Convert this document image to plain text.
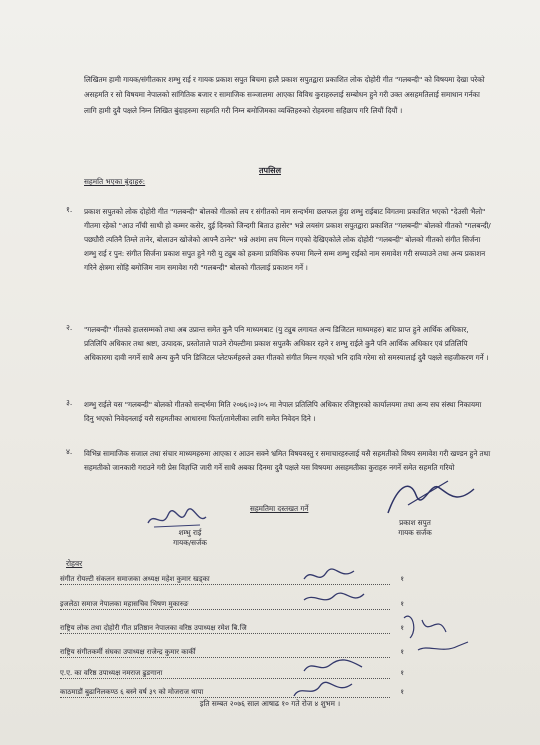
लिखितम हामी गायक/संगीतकार शम्भु राई र गायक प्रकाश सपुत बिचमा हालै प्रकाश सपुतद्वारा प्रकाशित लोक दोहोरी गीत "गलबन्दी" को विषयमा देखा परेको असहमति र सो विषयमा नेपालको सांगितिक बजार र सामाजिक सञ्जालमा आएका विविध कुराहरुलाई सम्बोधन हुने गरी उक्त असहमतिलाई समाधान गर्नका लागि हामी दुवै पक्षले निम्न लिखित बुंदाहरुमा सहमति गरी निम्न बमोजिमका व्यक्तिहरुको रोहवरमा सहिछाप गरि लियौं दियौं ।
तपसिल
सहमति भएका बुंदाहरु:
१. प्रकाश सपुतको लोक दोहोरी गीत "गलबन्दी" बोलको गीतको लय र संगीतको नाम सन्दर्भमा छलफल हुंदा शम्भु राईबाट विगतमा प्रकाशित भएको "देउसी भैलो" गीतमा रहेको "आउ नाँची साथी हो कम्मर कसेर, दुई दिनको जिन्दगी बिताउ हासेर" भन्ने लयसंग प्रकाश सपुतद्वारा प्रकाशित "गलबन्दी" बोलको गीतको "गलबन्दी/पछ्यौरी त्यतिनै तिम्ले तानेर, बोलाउन खोजेको आफ्नै ठानेर" भन्ने अशंमा लय मिल्न गएको देखिएकोले लोक दोहोरी "गलबन्दी" बोलको गीतको संगीत सिर्जना शम्भु राई र पुन: संगीत सिर्जना प्रकाश सपुत हुने गरी यु ट्युब को हकमा प्राविधिक रुपमा मिल्ने सम्म शम्भु राईको नाम समावेश गरी सच्याउने तथा अन्य प्रकाशन गरिने क्षेत्रमा सोहि बमोजिम नाम समावेश गरी "गलबन्दी" बोलको गीतलाई प्रकाशन गर्ने ।
२. "गलबन्दी" गीतको हालसम्मको तथा अब उप्रान्त समेत कुनै पनि माध्यमबाट (यु ट्युब लगायत अन्य डिजिटल माध्यमहरु) बाट प्राप्त हुने आर्थिक अधिकार, प्रतिलिपि अधिकार तथा श्रष्टा, उत्पादक, प्रस्तोताले पाउने रोयल्टीमा प्रकाश सपुतकै अधिकार रहने र शम्भु राईले कुनै पनि आर्थिक अधिकार एवं प्रतिलिपि अधिकारमा दावी नगर्ने साथै अन्य कुनै पनि डिजिटल प्लेटफर्महरुले उक्त गीतको संगीत मिल्न गएको भनि दावि गरेमा सो समस्यालाई दुवै पक्षले सहजीकरण गर्ने ।
३. शम्भु राईले यस "गलबन्दी" बोलको गीतको सन्दर्भमा मिति २०७६।०३।०५ मा नेपाल प्रतिलिपि अधिकार रजिष्ट्रारको कार्यालयमा तथा अन्य सघ संस्था निकायमा दिनु भएको निवेदनलाई यसै सहमतीका आधारमा फिर्ता/तामेलीका लागि समेत निवेदन दिने ।
४. विभिन्न सामाजिक सजाल तथा संचार माध्यमहरुमा आएका र आउन सक्ने भ्रमित विषयवस्तु र समाचारहरुलाई यसै सहमतीको विषय समावेश गरी खण्डन हुने तथा सहमतीको जानकारी गराउने गरी प्रेस विज्ञप्ति जारी गर्ने साथै अबका दिनमा दुवै पक्षले यस विषयमा असहमतीका कुराहरु नगर्ने समेत सहमति गरियो
सहमतिमा दस्तखत गर्ने
शम्भु राई
गायक/सर्जक
प्रकाश सपुत
गायक सर्जक
रोहवर
संगीत रोयल्टी संकलन समाजका अध्यक्ष महेश कुमार खड्का	१
इजलेठा समाज नेपालका महासचिव भिषण मुकारुङ	१
राष्ट्रिय लोक तथा दोहोरी गीत प्रतिष्ठान नेपालका वरिष्ठ उपाध्यक्ष रमेश बि.जि	१
राष्ट्रिय संगीतकर्मी संघका उपाध्यक्ष राजेन्द्र कुमार कार्की	१
ए.ए. का वरिष्ठ उपाध्यक्ष नमराज ढुङगाना	१
काठमाडौं बुढानिलकण्ठ ६ बस्ने वर्ष ३९ को मोजराज थापा	१
इति सम्बत २०७६ साल आषाढ १० गते रोज ४ शुभम ।
